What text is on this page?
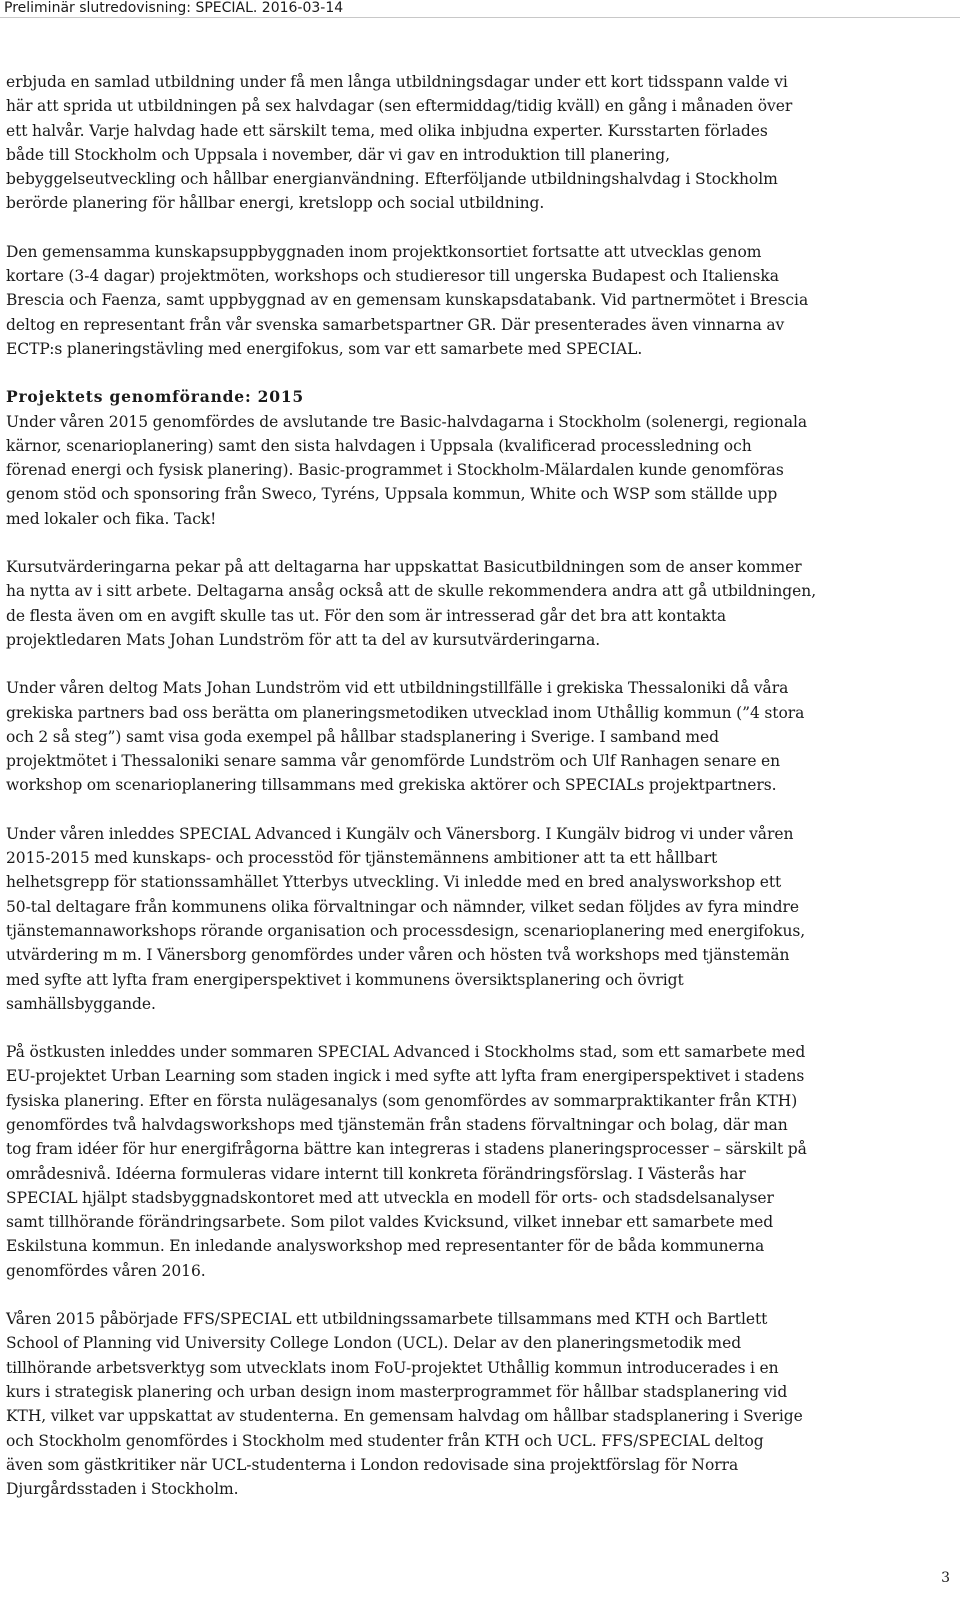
Preliminär slutredovisning: SPECIAL. 2016-03-14

erbjuda en samlad utbildning under få men långa utbildningsdagar under ett kort tidsspann valde vi
här att sprida ut utbildningen på sex halvdagar (sen eftermiddag/tidig kväll) en gång i månaden över
ett halvår. Varje halvdag hade ett särskilt tema, med olika inbjudna experter. Kursstarten förlades
både till Stockholm och Uppsala i november, där vi gav en introduktion till planering,
bebyggelseutveckling och hållbar energianvändning. Efterföljande utbildningshalvdag i Stockholm
berörde planering för hållbar energi, kretslopp och social utbildning.

Den gemensamma kunskapsuppbyggnaden inom projektkonsortiet fortsatte att utvecklas genom
kortare (3-4 dagar) projektmöten, workshops och studieresor till ungerska Budapest och Italienska
Brescia och Faenza, samt uppbyggnad av en gemensam kunskapsdatabank. Vid partnermötet i Brescia
deltog en representant från vår svenska samarbetspartner GR. Där presenterades även vinnarna av
ECTP:s planeringstävling med energifokus, som var ett samarbete med SPECIAL.

Projektets genomförande: 2015

Under våren 2015 genomfördes de avslutande tre Basic-halvdagarna i Stockholm (solenergi, regionala
kärnor, scenarioplanering) samt den sista halvdagen i Uppsala (kvalificerad processledning och
förenad energi och fysisk planering). Basic-programmet i Stockholm-Mälardalen kunde genomföras
genom stöd och sponsoring från Sweco, Tyréns, Uppsala kommun, White och WSP som ställde upp
med lokaler och fika. Tack!

Kursutvärderingarna pekar på att deltagarna har uppskattat Basicutbildningen som de anser kommer
ha nytta av i sitt arbete. Deltagarna ansåg också att de skulle rekommendera andra att gå utbildningen,
de flesta även om en avgift skulle tas ut. För den som är intresserad går det bra att kontakta
projektledaren Mats Johan Lundström för att ta del av kursutvärderingarna.

Under våren deltog Mats Johan Lundström vid ett utbildningstillfälle i grekiska Thessaloniki då våra
grekiska partners bad oss berätta om planeringsmetodiken utvecklad inom Uthållig kommun (”4 stora
och 2 så steg”) samt visa goda exempel på hållbar stadsplanering i Sverige. I samband med
projektmötet i Thessaloniki senare samma vår genomförde Lundström och Ulf Ranhagen senare en
workshop om scenarioplanering tillsammans med grekiska aktörer och SPECIALs projektpartners.

Under våren inleddes SPECIAL Advanced i Kungälv och Vänersborg. I Kungälv bidrog vi under våren
2015-2015 med kunskaps- och processtöd för tjänstemännens ambitioner att ta ett hållbart
helhetsgrepp för stationssamhället Ytterbys utveckling. Vi inledde med en bred analysworkshop ett
50-tal deltagare från kommunens olika förvaltningar och nämnder, vilket sedan följdes av fyra mindre
tjänstemannaworkshops rörande organisation och processdesign, scenarioplanering med energifokus,
utvärdering m m. I Vänersborg genomfördes under våren och hösten två workshops med tjänstemän
med syfte att lyfta fram energiperspektivet i kommunens översiktsplanering och övrigt
samhällsbyggande.

På östkusten inleddes under sommaren SPECIAL Advanced i Stockholms stad, som ett samarbete med
EU-projektet Urban Learning som staden ingick i med syfte att lyfta fram energiperspektivet i stadens
fysiska planering. Efter en första nulägesanalys (som genomfördes av sommarpraktikanter från KTH)
genomfördes två halvdagsworkshops med tjänstemän från stadens förvaltningar och bolag, där man
tog fram idéer för hur energifrågorna bättre kan integreras i stadens planeringsprocesser – särskilt på
områdesnivå. Idéerna formuleras vidare internt till konkreta förändringsförslag. I Västerås har
SPECIAL hjälpt stadsbyggnadskontoret med att utveckla en modell för orts- och stadsdelsanalyser
samt tillhörande förändringsarbete. Som pilot valdes Kvicksund, vilket innebar ett samarbete med
Eskilstuna kommun. En inledande analysworkshop med representanter för de båda kommunerna
genomfördes våren 2016.

Våren 2015 påbörjade FFS/SPECIAL ett utbildningssamarbete tillsammans med KTH och Bartlett
School of Planning vid University College London (UCL). Delar av den planeringsmetodik med
tillhörande arbetsverktyg som utvecklats inom FoU-projektet Uthållig kommun introducerades i en
kurs i strategisk planering och urban design inom masterprogrammet för hållbar stadsplanering vid
KTH, vilket var uppskattat av studenterna. En gemensam halvdag om hållbar stadsplanering i Sverige
och Stockholm genomfördes i Stockholm med studenter från KTH och UCL. FFS/SPECIAL deltog
även som gästkritiker när UCL-studenterna i London redovisade sina projektförslag för Norra
Djurgårdsstaden i Stockholm.

3
